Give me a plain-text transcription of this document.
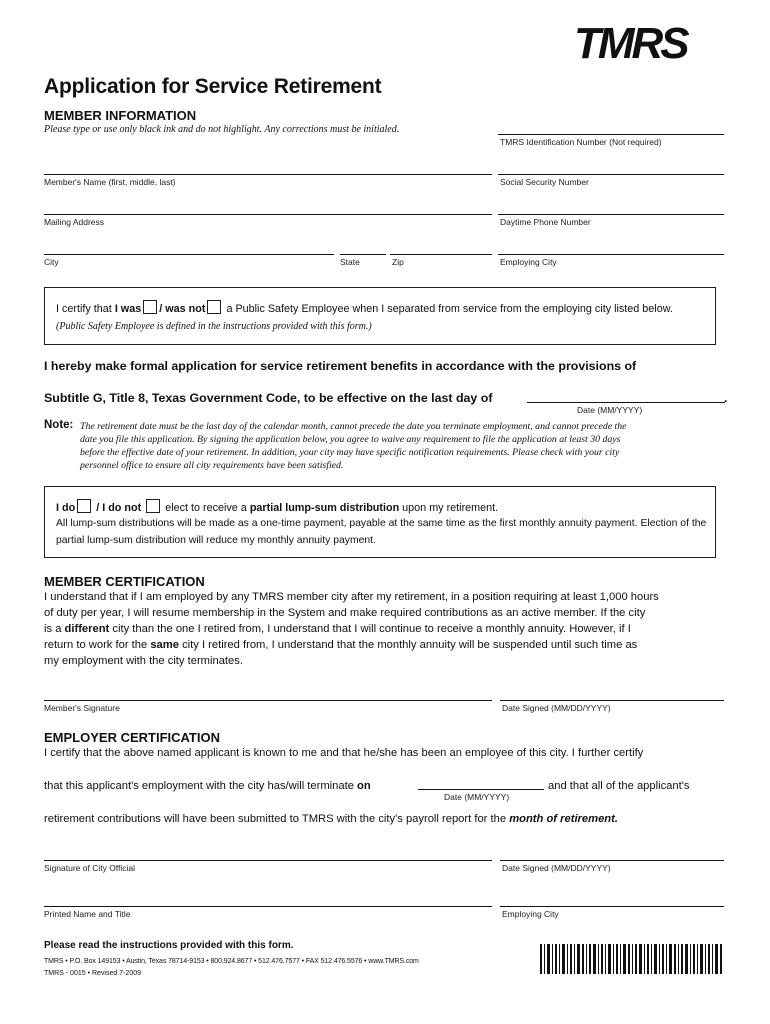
TMRS
Application for Service Retirement
MEMBER INFORMATION
Please type or use only black ink and do not highlight. Any corrections must be initialed.
TMRS Identification Number (Not required)
Member's Name (first, middle, last)	Social Security Number
Mailing Address	Daytime Phone Number
City	State	Zip	Employing City
I certify that I was / was not a Public Safety Employee when I separated from service from the employing city listed below.
(Public Safety Employee is defined in the instructions provided with this form.)
I hereby make formal application for service retirement benefits in accordance with the provisions of
Subtitle G, Title 8, Texas Government Code, to be effective on the last day of	.
Date (MM/YYYY)
Note: The retirement date must be the last day of the calendar month, cannot precede the date you terminate employment, and cannot precede the
date you file this application. By signing the application below, you agree to waive any requirement to file the application at least 30 days
before the effective date of your retirement. In addition, your city may have specific notification requirements. Please check with your city
personnel office to ensure all city requirements have been satisfied.
I do / I do not elect to receive a partial lump-sum distribution upon my retirement.
All lump-sum distributions will be made as a one-time payment, payable at the same time as the first monthly annuity payment. Election of the
partial lump-sum distribution will reduce my monthly annuity payment.
MEMBER CERTIFICATION
I understand that if I am employed by any TMRS member city after my retirement, in a position requiring at least 1,000 hours
of duty per year, I will resume membership in the System and make required contributions as an active member. If the city
is a different city than the one I retired from, I understand that I will continue to receive a monthly annuity. However, if I
return to work for the same city I retired from, I understand that the monthly annuity will be suspended until such time as
my employment with the city terminates.
Member's Signature	Date Signed (MM/DD/YYYY)
EMPLOYER CERTIFICATION
I certify that the above named applicant is known to me and that he/she has been an employee of this city. I further certify
that this applicant's employment with the city has/will terminate on
Date (MM/YYYY)
and that all of the applicant's
retirement contributions will have been submitted to TMRS with the city's payroll report for the month of retirement.
Signature of City Official	Date Signed (MM/DD/YYYY)
Printed Name and Title	Employing City
Please read the instructions provided with this form.
TMRS • P.O. Box 149153 • Austin, Texas 78714-9153 • 800.924.8677 • 512.476.7577 • FAX 512.476.5576 • www.TMRS.com
TMRS - 0015 • Revised 7-2009
